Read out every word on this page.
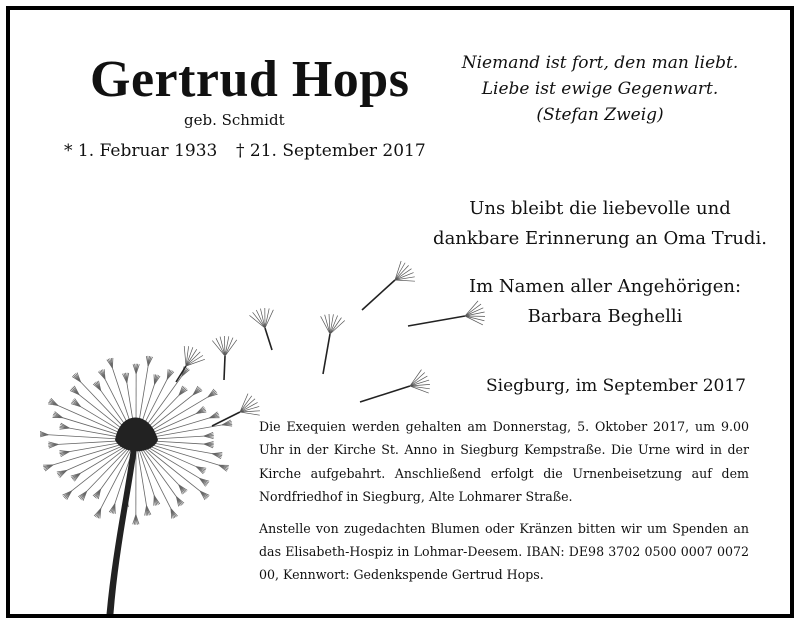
Gertrud Hops
geb. Schmidt
* 1. Februar 1933 † 21. September 2017
Niemand ist fort, den man liebt.
Liebe ist ewige Gegenwart.
(Stefan Zweig)
Uns bleibt die liebevolle und
dankbare Erinnerung an Oma Trudi.
Im Namen aller Angehörigen:
Barbara Beghelli
Siegburg, im September 2017

Die Exequien werden gehalten am Donnerstag, 5. Oktober 2017, um 9.00 Uhr in der Kirche St. Anno in Siegburg Kempstraße. Die Urne wird in der Kirche aufgebahrt. Anschließend erfolgt die Urnenbeisetzung auf dem Nordfriedhof in Siegburg, Alte Lohmarer Straße.

Anstelle von zugedachten Blumen oder Kränzen bitten wir um Spenden an das Elisabeth-Hospiz in Lohmar-Deesem. IBAN: DE98 3702 0500 0007 0072 00, Kennwort: Gedenkspende Gertrud Hops.
